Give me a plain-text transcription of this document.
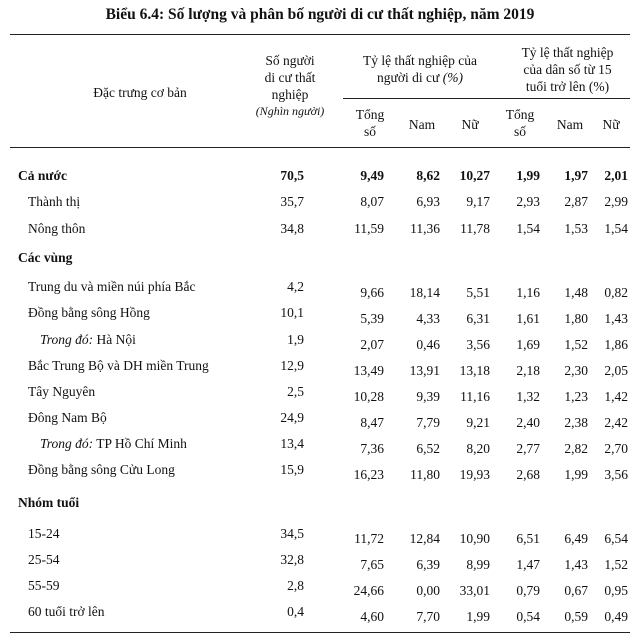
Biểu 6.4: Số lượng và phân bố người di cư thất nghiệp, năm 2019
Đặc trưng cơ bản
Số người
di cư thất
nghiệp
(Nghìn người)
Tỷ lệ thất nghiệp của
người di cư (%)
Tỷ lệ thất nghiệp
của dân số từ 15
tuổi trở lên (%)
Tổng
số	Nam	Nữ
Tổng
số	Nam	Nữ
Cả nước	70,5	9,49 8,62 10,27 1,99 1,97 2,01
Thành thị	35,7	8,07 6,93 9,17 2,93 2,87 2,99
Nông thôn	34,8	11,59 11,36 11,78 1,54 1,53 1,54
Các vùng
Trung du và miền núi phía Bắc	4,2	9,66 18,14 5,51 1,16 1,48 0,82
Đồng bằng sông Hồng	10,1	5,39 4,33 6,31 1,61 1,80 1,43
Trong đó: Hà Nội	1,9	2,07 0,46 3,56 1,69 1,52 1,86
Bắc Trung Bộ và DH miền Trung	12,9	13,49 13,91 13,18 2,18 2,30 2,05
Tây Nguyên	2,5	10,28 9,39 11,16 1,32 1,23 1,42
Đông Nam Bộ	24,9	8,47 7,79 9,21 2,40 2,38 2,42
Trong đó: TP Hồ Chí Minh	13,4	7,36 6,52 8,20 2,77 2,82 2,70
Đồng bằng sông Cửu Long	15,9	16,23 11,80 19,93 2,68 1,99 3,56
Nhóm tuổi
15-24	34,5	11,72 12,84 10,90 6,51 6,49 6,54
25-54	32,8	7,65 6,39 8,99 1,47 1,43 1,52
55-59	2,8	24,66 0,00 33,01 0,79 0,67 0,95
60 tuổi trở lên	0,4	4,60 7,70 1,99 0,54 0,59 0,49
